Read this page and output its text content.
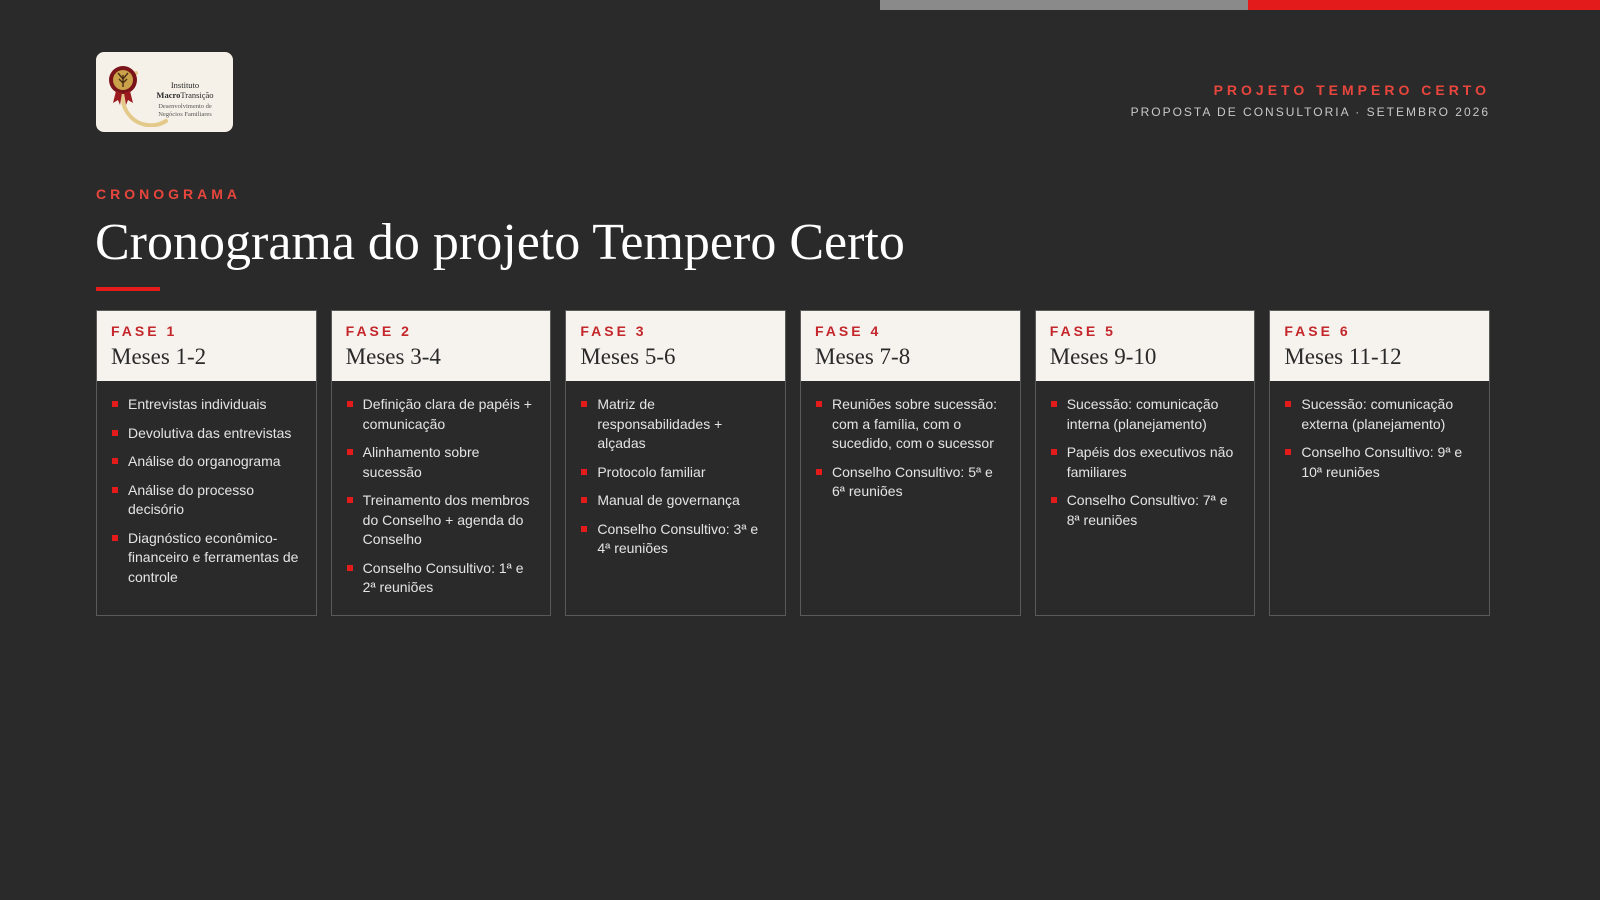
Instituto
MacroTransição
Desenvolvimento de
Negócios Familiares
PROJETO TEMPERO CERTO
PROPOSTA DE CONSULTORIA · SETEMBRO 2026
CRONOGRAMA
Cronograma do projeto Tempero Certo
FASE 1
Meses 1-2
Entrevistas individuais
Devolutiva das entrevistas
Análise do organograma
Análise do processo decisório
Diagnóstico econômico-financeiro e ferramentas de controle
FASE 2
Meses 3-4
Definição clara de papéis + comunicação
Alinhamento sobre sucessão
Treinamento dos membros do Conselho + agenda do Conselho
Conselho Consultivo: 1ª e 2ª reuniões
FASE 3
Meses 5-6
Matriz de responsabilidades + alçadas
Protocolo familiar
Manual de governança
Conselho Consultivo: 3ª e 4ª reuniões
FASE 4
Meses 7-8
Reuniões sobre sucessão: com a família, com o sucedido, com o sucessor
Conselho Consultivo: 5ª e 6ª reuniões
FASE 5
Meses 9-10
Sucessão: comunicação interna (planejamento)
Papéis dos executivos não familiares
Conselho Consultivo: 7ª e 8ª reuniões
FASE 6
Meses 11-12
Sucessão: comunicação externa (planejamento)
Conselho Consultivo: 9ª e 10ª reuniões
